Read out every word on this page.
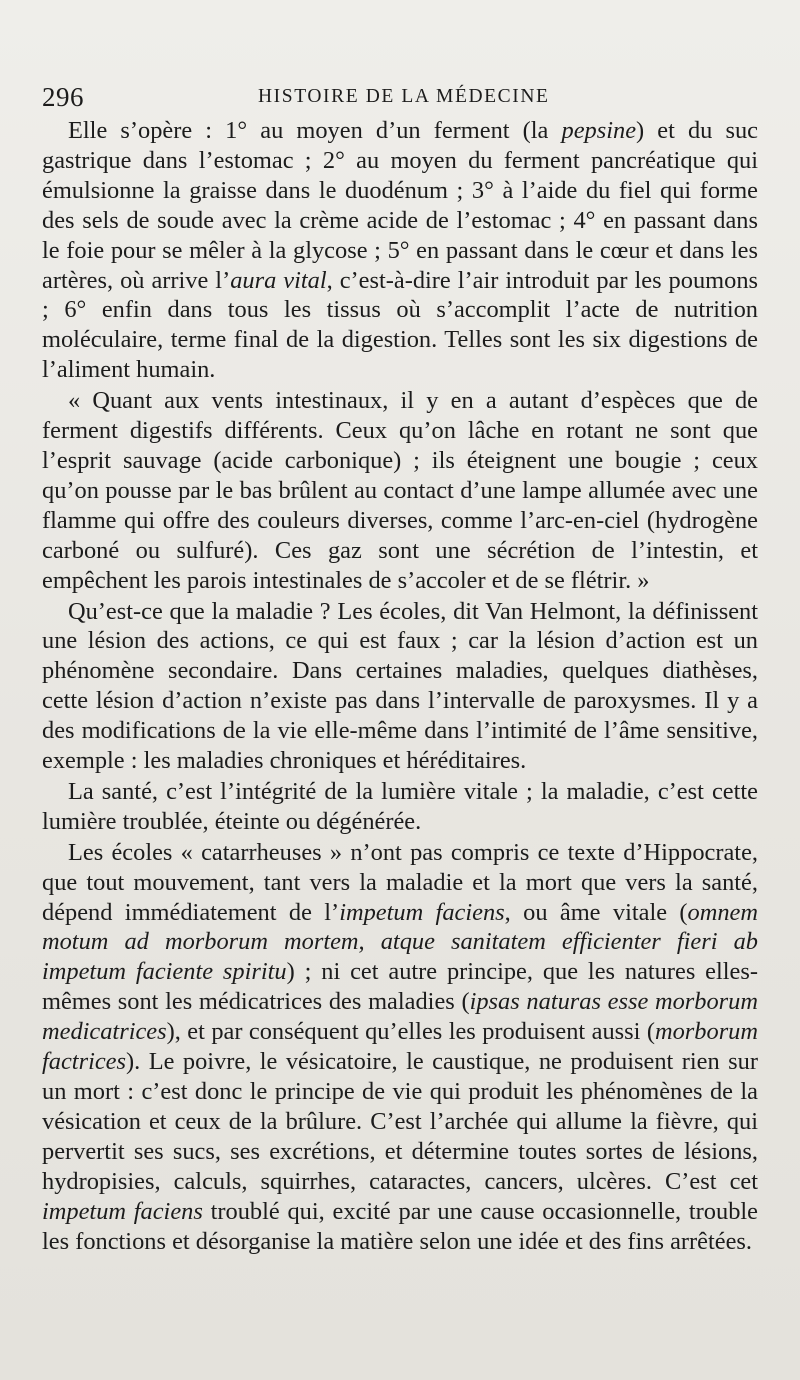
296	HISTOIRE DE LA MÉDECINE

Elle s’opère : 1° au moyen d’un ferment (la pepsine) et du suc gastrique dans l’estomac ; 2° au moyen du ferment pancréatique qui émulsionne la graisse dans le duodénum ; 3° à l’aide du fiel qui forme des sels de soude avec la crème acide de l’estomac ; 4° en passant dans le foie pour se mêler à la glycose ; 5° en passant dans le cœur et dans les artères, où arrive l’aura vital, c’est-à-dire l’air introduit par les poumons ; 6° enfin dans tous les tissus où s’accomplit l’acte de nutrition moléculaire, terme final de la digestion. Telles sont les six digestions de l’aliment humain.

« Quant aux vents intestinaux, il y en a autant d’espèces que de ferment digestifs différents. Ceux qu’on lâche en rotant ne sont que l’esprit sauvage (acide carbonique) ; ils éteignent une bougie ; ceux qu’on pousse par le bas brûlent au contact d’une lampe allumée avec une flamme qui offre des couleurs diverses, comme l’arc-en-ciel (hydrogène carboné ou sulfuré). Ces gaz sont une sécrétion de l’intestin, et empêchent les parois intestinales de s’accoler et de se flétrir. »

Qu’est-ce que la maladie ? Les écoles, dit Van Helmont, la définissent une lésion des actions, ce qui est faux ; car la lésion d’action est un phénomène secondaire. Dans certaines maladies, quelques diathèses, cette lésion d’action n’existe pas dans l’intervalle de paroxysmes. Il y a des modifications de la vie elle-même dans l’intimité de l’âme sensitive, exemple : les maladies chroniques et héréditaires.

La santé, c’est l’intégrité de la lumière vitale ; la maladie, c’est cette lumière troublée, éteinte ou dégénérée.

Les écoles « catarrheuses » n’ont pas compris ce texte d’Hippocrate, que tout mouvement, tant vers la maladie et la mort que vers la santé, dépend immédiatement de l’impetum faciens, ou âme vitale (omnem motum ad morborum mortem, atque sanitatem efficienter fieri ab impetum faciente spiritu) ; ni cet autre principe, que les natures elles-mêmes sont les médicatrices des maladies (ipsas naturas esse morborum medicatrices), et par conséquent qu’elles les produisent aussi (morborum factrices). Le poivre, le vésicatoire, le caustique, ne produisent rien sur un mort : c’est donc le principe de vie qui produit les phénomènes de la vésication et ceux de la brûlure. C’est l’archée qui allume la fièvre, qui pervertit ses sucs, ses excrétions, et détermine toutes sortes de lésions, hydropisies, calculs, squirrhes, cataractes, cancers, ulcères. C’est cet impetum faciens troublé qui, excité par une cause occasionnelle, trouble les fonctions et désorganise la matière selon une idée et des fins arrêtées.
